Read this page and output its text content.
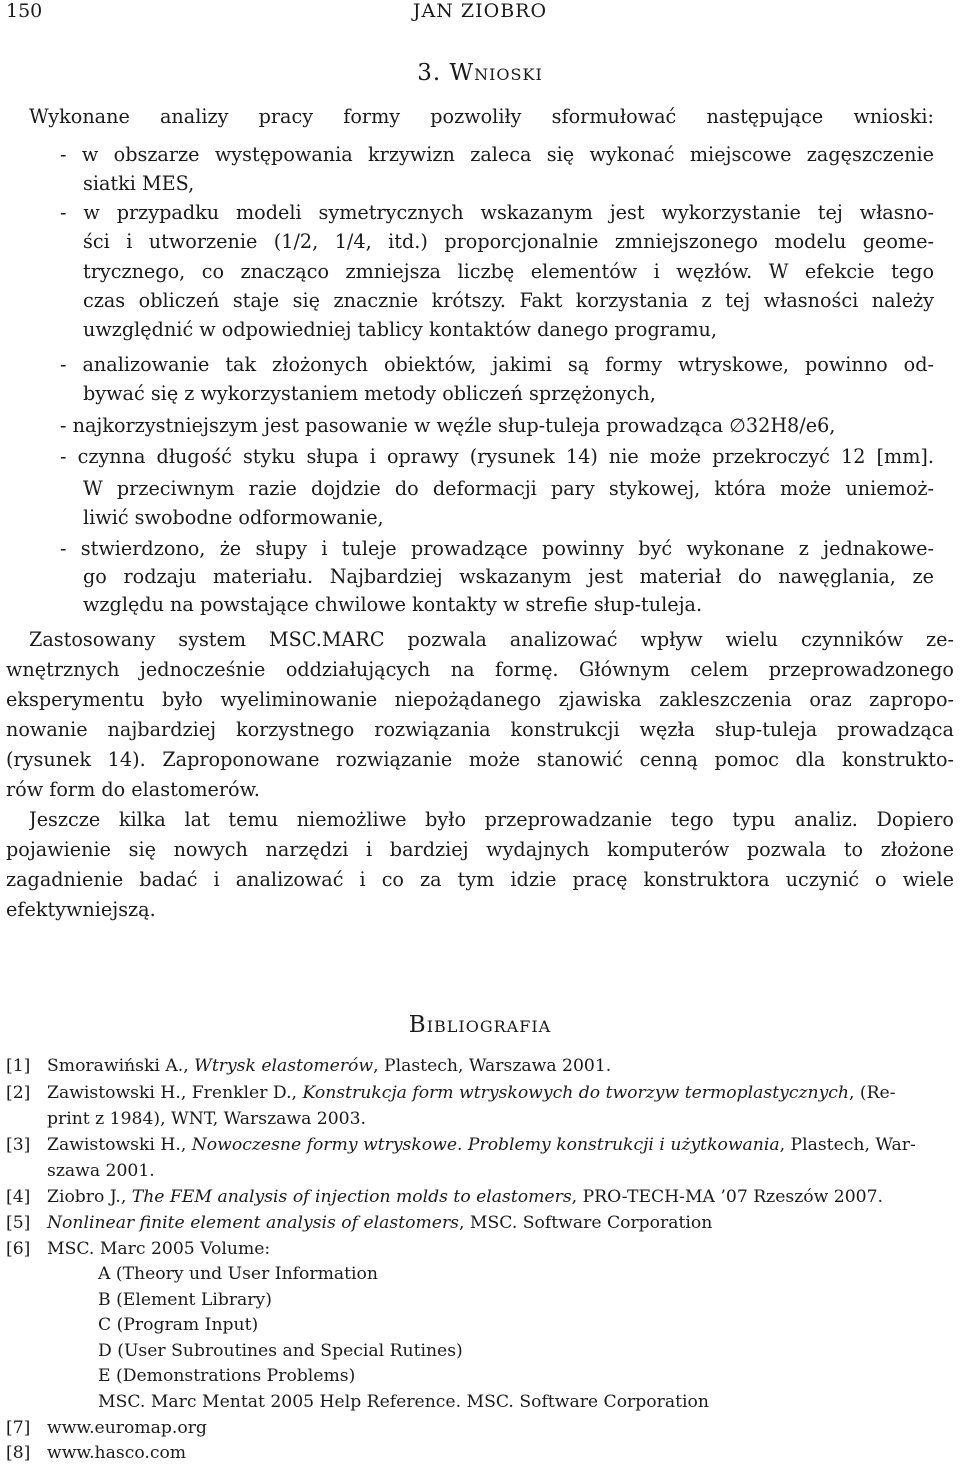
150	JAN ZIOBRO
3. Wnioski
Wykonane analizy pracy formy pozwoliły sformułować następujące wnioski:
- w obszarze występowania krzywizn zaleca się wykonać miejscowe zagęszczenie
siatki MES,
- w przypadku modeli symetrycznych wskazanym jest wykorzystanie tej własno-
ści i utworzenie (1/2, 1/4, itd.) proporcjonalnie zmniejszonego modelu geome-
trycznego, co znacząco zmniejsza liczbę elementów i węzłów. W efekcie tego
czas obliczeń staje się znacznie krótszy. Fakt korzystania z tej własności należy
uwzględnić w odpowiedniej tablicy kontaktów danego programu,
- analizowanie tak złożonych obiektów, jakimi są formy wtryskowe, powinno od-
bywać się z wykorzystaniem metody obliczeń sprzężonych,
- najkorzystniejszym jest pasowanie w węźle słup-tuleja prowadząca ∅32H8/e6,
- czynna długość styku słupa i oprawy (rysunek 14) nie może przekroczyć 12 [mm].
W przeciwnym razie dojdzie do deformacji pary stykowej, która może uniemoż-
liwić swobodne odformowanie,
- stwierdzono, że słupy i tuleje prowadzące powinny być wykonane z jednakowe-
go rodzaju materiału. Najbardziej wskazanym jest materiał do nawęglania, ze
względu na powstające chwilowe kontakty w strefie słup-tuleja.
Zastosowany system MSC.MARC pozwala analizować wpływ wielu czynników ze-
wnętrznych jednocześnie oddziałujących na formę. Głównym celem przeprowadzonego
eksperymentu było wyeliminowanie niepożądanego zjawiska zakleszczenia oraz zapropo-
nowanie najbardziej korzystnego rozwiązania konstrukcji węzła słup-tuleja prowadząca
(rysunek 14). Zaproponowane rozwiązanie może stanowić cenną pomoc dla konstrukto-
rów form do elastomerów.
Jeszcze kilka lat temu niemożliwe było przeprowadzanie tego typu analiz. Dopiero
pojawienie się nowych narzędzi i bardziej wydajnych komputerów pozwala to złożone
zagadnienie badać i analizować i co za tym idzie pracę konstruktora uczynić o wiele
efektywniejszą.
Bibliografia
[1] Smorawiński A., Wtrysk elastomerów, Plastech, Warszawa 2001.
[2] Zawistowski H., Frenkler D., Konstrukcja form wtryskowych do tworzyw termoplastycznych, (Re-
print z 1984), WNT, Warszawa 2003.
[3] Zawistowski H., Nowoczesne formy wtryskowe. Problemy konstrukcji i użytkowania, Plastech, War-
szawa 2001.
[4] Ziobro J., The FEM analysis of injection molds to elastomers, PRO-TECH-MA ’07 Rzeszów 2007.
[5] Nonlinear finite element analysis of elastomers, MSC. Software Corporation
[6] MSC. Marc 2005 Volume:
A (Theory und User Information
B (Element Library)
C (Program Input)
D (User Subroutines and Special Rutines)
E (Demonstrations Problems)
MSC. Marc Mentat 2005 Help Reference. MSC. Software Corporation
[7] www.euromap.org
[8] www.hasco.com
